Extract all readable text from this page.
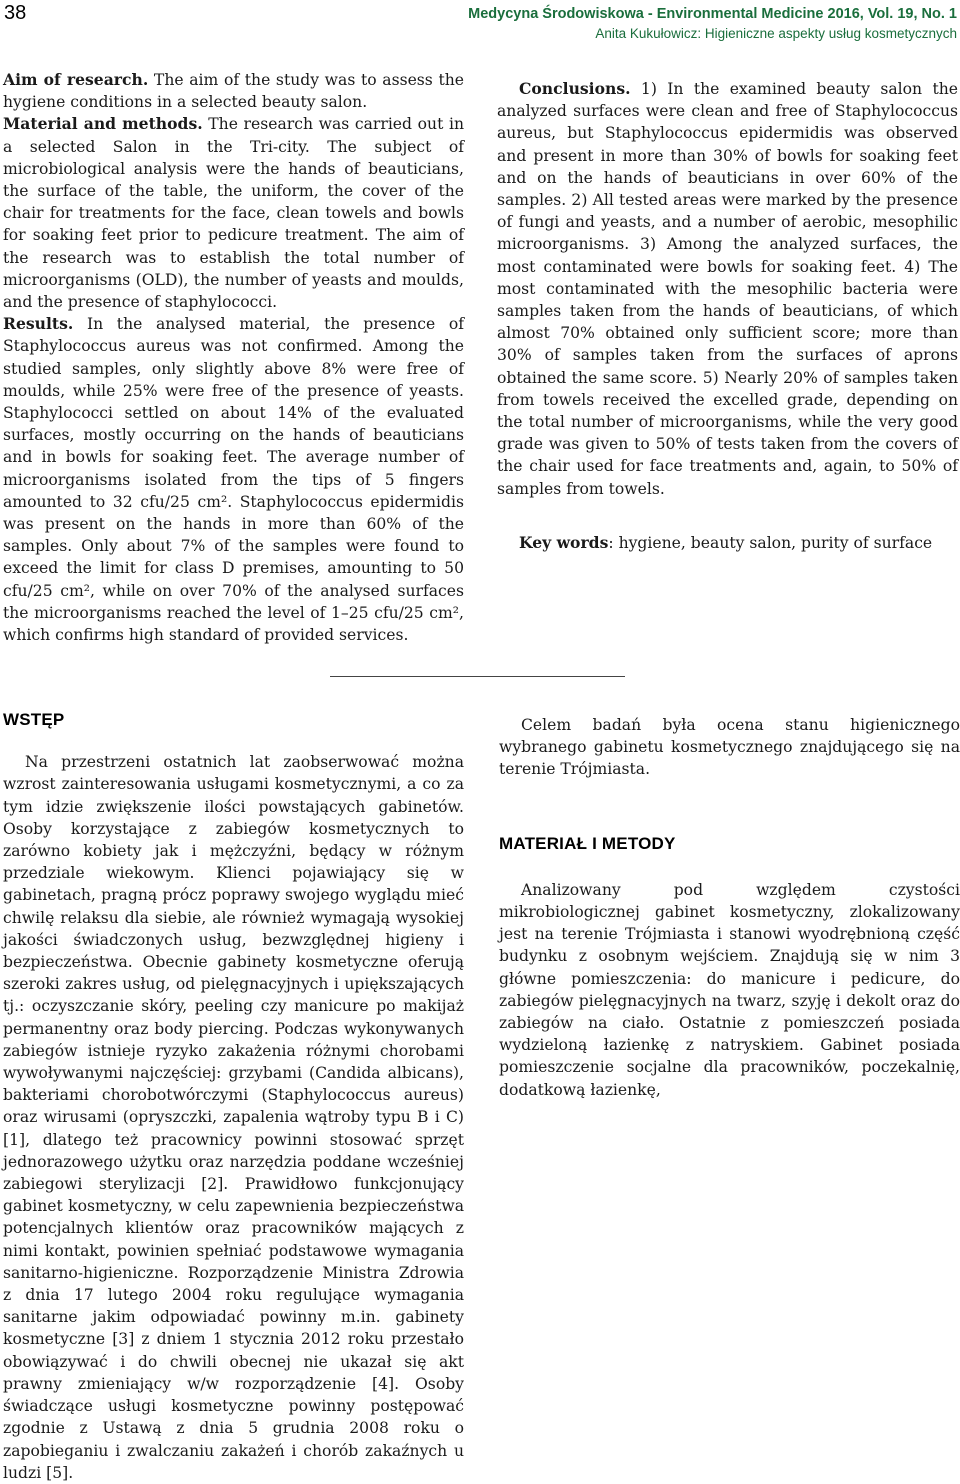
38	Medycyna Środowiskowa - Environmental Medicine 2016, Vol. 19, No. 1
Anita Kukułowicz: Higieniczne aspekty usług kosmetycznych

Aim of research. The aim of the study was to assess the hygiene conditions in a selected beauty salon.

Material and methods. The research was carried out in a selected Salon in the Tri-city. The subject of microbiological analysis were the hands of beauticians, the surface of the table, the uniform, the cover of the chair for treatments for the face, clean towels and bowls for soaking feet prior to pedicure treatment. The aim of the research was to establish the total number of microorganisms (OLD), the number of yeasts and moulds, and the presence of staphylococci.

Results. In the analysed material, the presence of Staphylococcus aureus was not confirmed. Among the studied samples, only slightly above 8% were free of moulds, while 25% were free of the presence of yeasts. Staphylococci settled on about 14% of the evaluated surfaces, mostly occurring on the hands of beauticians and in bowls for soaking feet. The average number of microorganisms isolated from the tips of 5 fingers amounted to 32 cfu/25 cm². Staphylococcus epidermidis was present on the hands in more than 60% of the samples. Only about 7% of the samples were found to exceed the limit for class D premises, amounting to 50 cfu/25 cm², while on over 70% of the analysed surfaces the microorganisms reached the level of 1–25 cfu/25 cm², which confirms high standard of provided services.

Conclusions. 1) In the examined beauty salon the analyzed surfaces were clean and free of Staphylococcus aureus, but Staphylococcus epidermidis was observed and present in more than 30% of bowls for soaking feet and on the hands of beauticians in over 60% of the samples. 2) All tested areas were marked by the presence of fungi and yeasts, and a number of aerobic, mesophilic microorganisms. 3) Among the analyzed surfaces, the most contaminated were bowls for soaking feet. 4) The most contaminated with the mesophilic bacteria were samples taken from the hands of beauticians, of which almost 70% obtained only sufficient score; more than 30% of samples taken from the surfaces of aprons obtained the same score. 5) Nearly 20% of samples taken from towels received the excelled grade, depending on the total number of microorganisms, while the very good grade was given to 50% of tests taken from the covers of the chair used for face treatments and, again, to 50% of samples from towels.

Key words: hygiene, beauty salon, purity of surface

WSTĘP

Na przestrzeni ostatnich lat zaobserwować można wzrost zainteresowania usługami kosmetycznymi, a co za tym idzie zwiększenie ilości powstających gabinetów. Osoby korzystające z zabiegów kosmetycznych to zarówno kobiety jak i mężczyźni, będący w różnym przedziale wiekowym. Klienci pojawiający się w gabinetach, pragną prócz poprawy swojego wyglądu mieć chwilę relaksu dla siebie, ale również wymagają wysokiej jakości świadczonych usług, bezwzględnej higieny i bezpieczeństwa. Obecnie gabinety kosmetyczne oferują szeroki zakres usług, od pielęgnacyjnych i upiększających tj.: oczyszczanie skóry, peeling czy manicure po makijaż permanentny oraz body piercing. Podczas wykonywanych zabiegów istnieje ryzyko zakażenia różnymi chorobami wywoływanymi najczęściej: grzybami (Candida albicans), bakteriami chorobotwórczymi (Staphylococcus aureus) oraz wirusami (opryszczki, zapalenia wątroby typu B i C) [1], dlatego też pracownicy powinni stosować sprzęt jednorazowego użytku oraz narzędzia poddane wcześniej zabiegowi sterylizacji [2]. Prawidłowo funkcjonujący gabinet kosmetyczny, w celu zapewnienia bezpieczeństwa potencjalnych klientów oraz pracowników mających z nimi kontakt, powinien spełniać podstawowe wymagania sanitarno-higieniczne. Rozporządzenie Ministra Zdrowia z dnia 17 lutego 2004 roku regulujące wymagania sanitarne jakim odpowiadać powinny m.in. gabinety kosmetyczne [3] z dniem 1 stycznia 2012 roku przestało obowiązywać i do chwili obecnej nie ukazał się akt prawny zmieniający w/w rozporządzenie [4]. Osoby świadczące usługi kosmetyczne powinny postępować zgodnie z Ustawą z dnia 5 grudnia 2008 roku o zapobieganiu i zwalczaniu zakażeń i chorób zakaźnych u ludzi [5].

Celem badań była ocena stanu higienicznego wybranego gabinetu kosmetycznego znajdującego się na terenie Trójmiasta.

MATERIAŁ I METODY

Analizowany pod względem czystości mikrobiologicznej gabinet kosmetyczny, zlokalizowany jest na terenie Trójmiasta i stanowi wyodrębnioną część budynku z osobnym wejściem. Znajdują się w nim 3 główne pomieszczenia: do manicure i pedicure, do zabiegów pielęgnacyjnych na twarz, szyję i dekolt oraz do zabiegów na ciało. Ostatnie z pomieszczeń posiada wydzieloną łazienkę z natryskiem. Gabinet posiada pomieszczenie socjalne dla pracowników, poczekalnię, dodatkową łazienkę,
